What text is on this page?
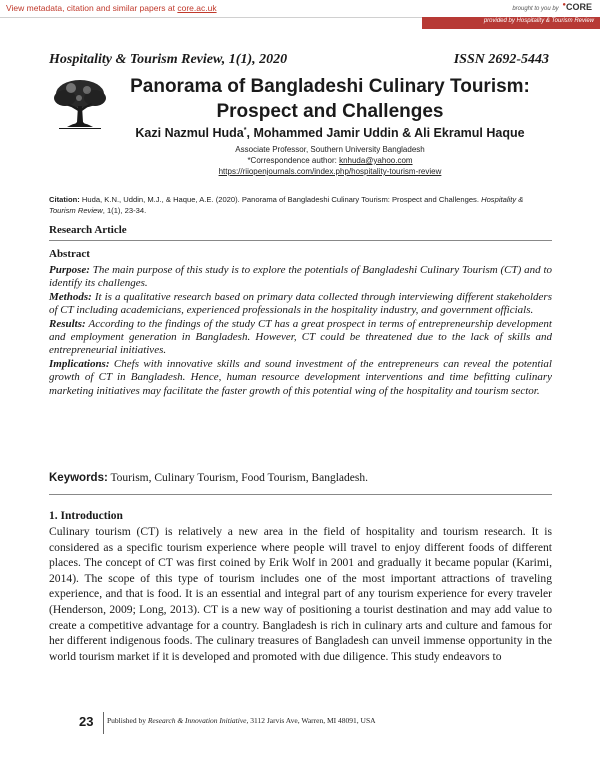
View metadata, citation and similar papers at core.ac.uk	brought to you by ●CORE
provided by Hospitality & Tourism Review
Hospitality & Tourism Review, 1(1), 2020	ISSN 2692-5443
Panorama of Bangladeshi Culinary Tourism:
Prospect and Challenges
Kazi Nazmul Huda*, Mohammed Jamir Uddin & Ali Ekramul Haque
Associate Professor, Southern University Bangladesh
*Correspondence author: knhuda@yahoo.com
https://riiopenjournals.com/index.php/hospitality-tourism-review
Citation: Huda, K.N., Uddin, M.J., & Haque, A.E. (2020). Panorama of Bangladeshi Culinary Tourism: Prospect and Challenges. Hospitality & Tourism Review, 1(1), 23-34.
Research Article
Abstract

Purpose: The main purpose of this study is to explore the potentials of Bangladeshi Culinary Tourism (CT) and to identify its challenges.

Methods: It is a qualitative research based on primary data collected through interviewing different stakeholders of CT including academicians, experienced professionals in the hospitality industry, and government officials.

Results: According to the findings of the study CT has a great prospect in terms of entrepreneurship development and employment generation in Bangladesh. However, CT could be threatened due to the lack of skills and entrepreneurial initiatives.

Implications: Chefs with innovative skills and sound investment of the entrepreneurs can reveal the potential growth of CT in Bangladesh. Hence, human resource development interventions and time befitting culinary marketing initiatives may facilitate the faster growth of this potential wing of the hospitality and tourism sector.

Keywords: Tourism, Culinary Tourism, Food Tourism, Bangladesh.
1. Introduction

Culinary tourism (CT) is relatively a new area in the field of hospitality and tourism research. It is considered as a specific tourism experience where people will travel to enjoy different foods of different places. The concept of CT was first coined by Erik Wolf in 2001 and gradually it became popular (Karimi, 2014). The scope of this type of tourism includes one of the most important attractions of traveling experience, and that is food. It is an essential and integral part of any tourism experience for every traveler (Henderson, 2009; Long, 2013). CT is a new way of positioning a tourist destination and may add value to create a competitive advantage for a country. Bangladesh is rich in culinary arts and culture and famous for her different indigenous foods. The culinary treasures of Bangladesh can unveil immense opportunity in the world tourism market if it is developed and promoted with due diligence. This study endeavors to

23 Published by Research & Innovation Initiative, 3112 Jarvis Ave, Warren, MI 48091, USA
